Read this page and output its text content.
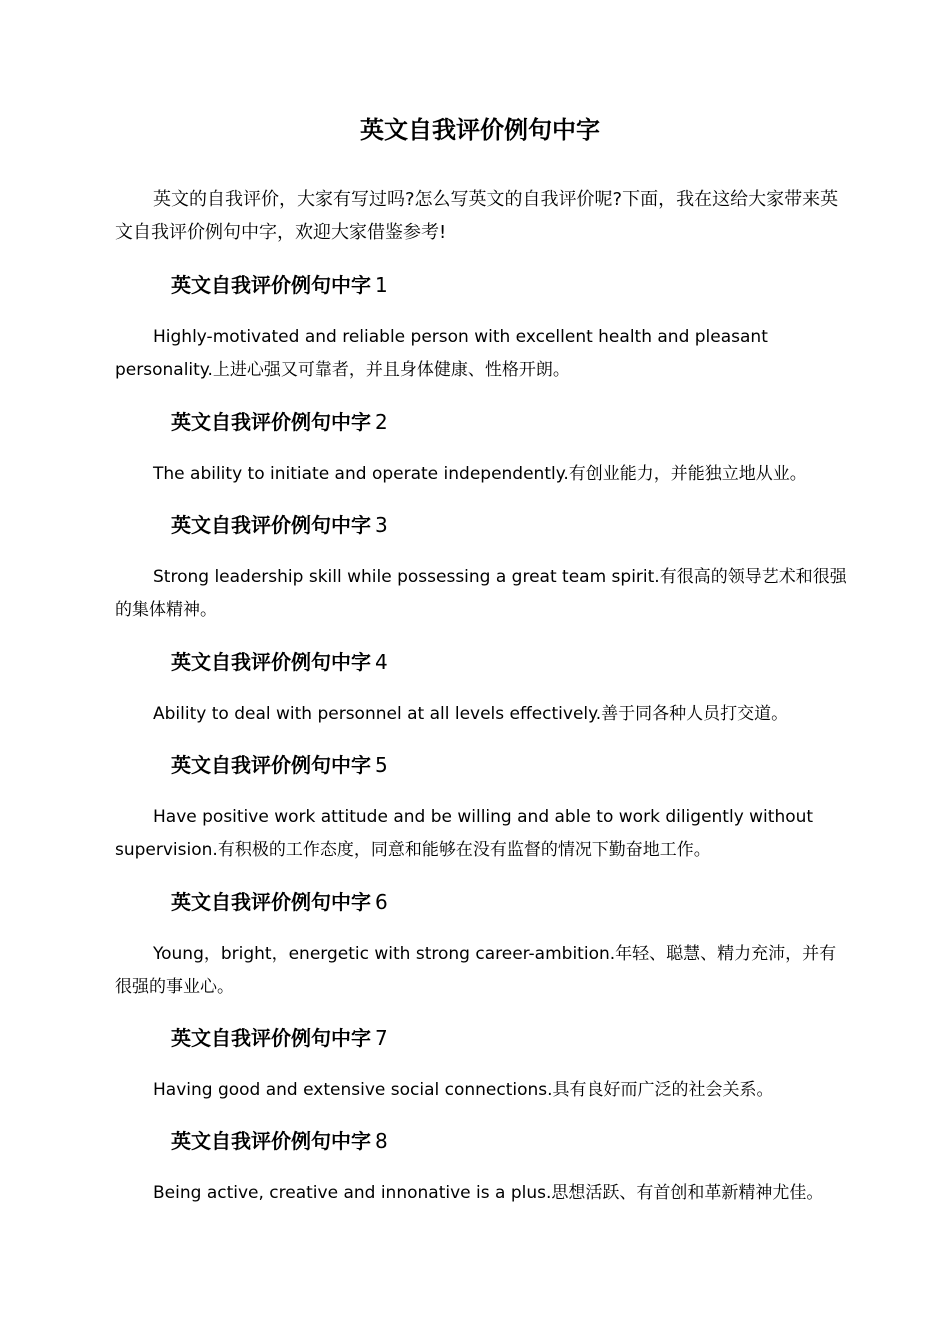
英文自我评价例句中字

英文的自我评价，大家有写过吗?怎么写英文的自我评价呢?下面，我在这给大家带来英文自我评价例句中字，欢迎大家借鉴参考!

英文自我评价例句中字 1

Highly-motivated and reliable person with excellent health and pleasant personality.上进心强又可靠者，并且身体健康、性格开朗。

英文自我评价例句中字 2

The ability to initiate and operate independently.有创业能力，并能独立地从业。

英文自我评价例句中字 3

Strong leadership skill while possessing a great team spirit.有很高的领导艺术和很强的集体精神。

英文自我评价例句中字 4

Ability to deal with personnel at all levels effectively.善于同各种人员打交道。

英文自我评价例句中字 5

Have positive work attitude and be willing and able to work diligently without supervision.有积极的工作态度，同意和能够在没有监督的情况下勤奋地工作。

英文自我评价例句中字 6

Young，bright，energetic with strong career-ambition.年轻、聪慧、精力充沛，并有很强的事业心。

英文自我评价例句中字 7

Having good and extensive social connections.具有良好而广泛的社会关系。

英文自我评价例句中字 8

Being active, creative and innonative is a plus.思想活跃、有首创和革新精神尤佳。
